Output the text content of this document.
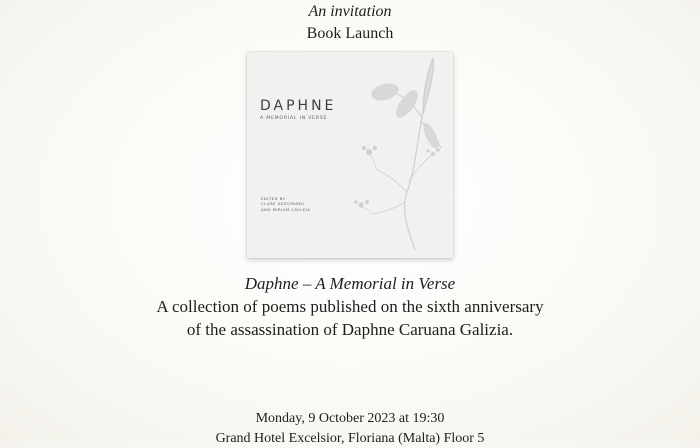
An invitation
Book Launch
DAPHNE
A MEMORIAL IN VERSE
EDITED BY
CLARE AZZOPARDI
AND MIRIAM CALLEJA
Daphne – A Memorial in Verse
A collection of poems published on the sixth anniversary
of the assassination of Daphne Caruana Galizia.
Monday, 9 October 2023 at 19:30
Grand Hotel Excelsior, Floriana (Malta) Floor 5
